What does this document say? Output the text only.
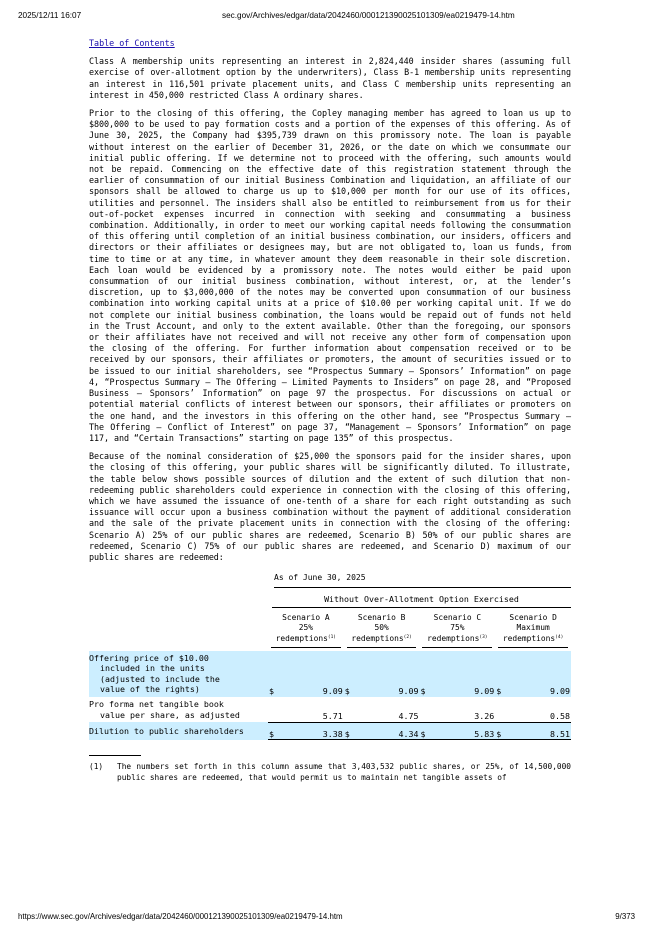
2025/12/11 16:07	sec.gov/Archives/edgar/data/2042460/000121390025101309/ea0219479-14.htm
Table of Contents

Class A membership units representing an interest in 2,824,440 insider shares (assuming full exercise of over-allotment option by the underwriters), Class B-1 membership units representing an interest in 116,501 private placement units, and Class C membership units representing an interest in 450,000 restricted Class A ordinary shares.

Prior to the closing of this offering, the Copley managing member has agreed to loan us up to $800,000 to be used to pay formation costs and a portion of the expenses of this offering. As of June 30, 2025, the Company had $395,739 drawn on this promissory note. The loan is payable without interest on the earlier of December 31, 2026, or the date on which we consummate our initial public offering. If we determine not to proceed with the offering, such amounts would not be repaid. Commencing on the effective date of this registration statement through the earlier of consummation of our initial Business Combination and liquidation, an affiliate of our sponsors shall be allowed to charge us up to $10,000 per month for our use of its offices, utilities and personnel. The insiders shall also be entitled to reimbursement from us for their out-of-pocket expenses incurred in connection with seeking and consummating a business combination. Additionally, in order to meet our working capital needs following the consummation of this offering until completion of an initial business combination, our insiders, officers and directors or their affiliates or designees may, but are not obligated to, loan us funds, from time to time or at any time, in whatever amount they deem reasonable in their sole discretion. Each loan would be evidenced by a promissory note. The notes would either be paid upon consummation of our initial business combination, without interest, or, at the lender’s discretion, up to $3,000,000 of the notes may be converted upon consummation of our business combination into working capital units at a price of $10.00 per working capital unit. If we do not complete our initial business combination, the loans would be repaid out of funds not held in the Trust Account, and only to the extent available. Other than the foregoing, our sponsors or their affiliates have not received and will not receive any other form of compensation upon the closing of the offering. For further information about compensation received or to be received by our sponsors, their affiliates or promoters, the amount of securities issued or to be issued to our initial shareholders, see “Prospectus Summary — Sponsors’ Information” on page 4, “Prospectus Summary — The Offering — Limited Payments to Insiders” on page 28, and “Proposed Business — Sponsors’ Information” on page 97 the prospectus. For discussions on actual or potential material conflicts of interest between our sponsors, their affiliates or promoters on the one hand, and the investors in this offering on the other hand, see “Prospectus Summary — The Offering — Conflict of Interest” on page 37, “Management — Sponsors’ Information” on page 117, and “Certain Transactions” starting on page 135” of this prospectus.

Because of the nominal consideration of $25,000 the sponsors paid for the insider shares, upon the closing of this offering, your public shares will be significantly diluted. To illustrate, the table below shows possible sources of dilution and the extent of such dilution that non-redeeming public shareholders could experience in connection with the closing of this offering, which we have assumed the issuance of one-tenth of a share for each right outstanding as such issuance will occur upon a business combination without the payment of additional consideration and the sale of the private placement units in connection with the closing of the offering: Scenario A) 25% of our public shares are redeemed, Scenario B) 50% of our public shares are redeemed, Scenario C) 75% of our public shares are redeemed, and Scenario D) maximum of our public shares are redeemed:

As of June 30, 2025

	Without Over-Allotment Option Exercised							

	Scenario A
25%
redemptions$^{(1)}$		Scenario B
50%
redemptions$^{(2)}$		Scenario C
75%
redemptions$^{(3)}$		Scenario D
Maximum
redemptions$^{(4)}$

Offering price of $10.00
included in the units
(adjusted to include the
value of the rights)	$	9.09	$	9.09	$	9.09	$	9.09
Pro forma net tangible book
value per share, as adjusted		5.71		4.75		3.26		0.58
Dilution to public shareholders	$	3.38	$	4.34	$	5.83	$	8.51
(1)	The numbers set forth in this column assume that 3,403,532 public shares, or 25%, of 14,500,000 public shares are redeemed, that would permit us to maintain net tangible assets of
https://www.sec.gov/Archives/edgar/data/2042460/000121390025101309/ea0219479-14.htm	9/373
